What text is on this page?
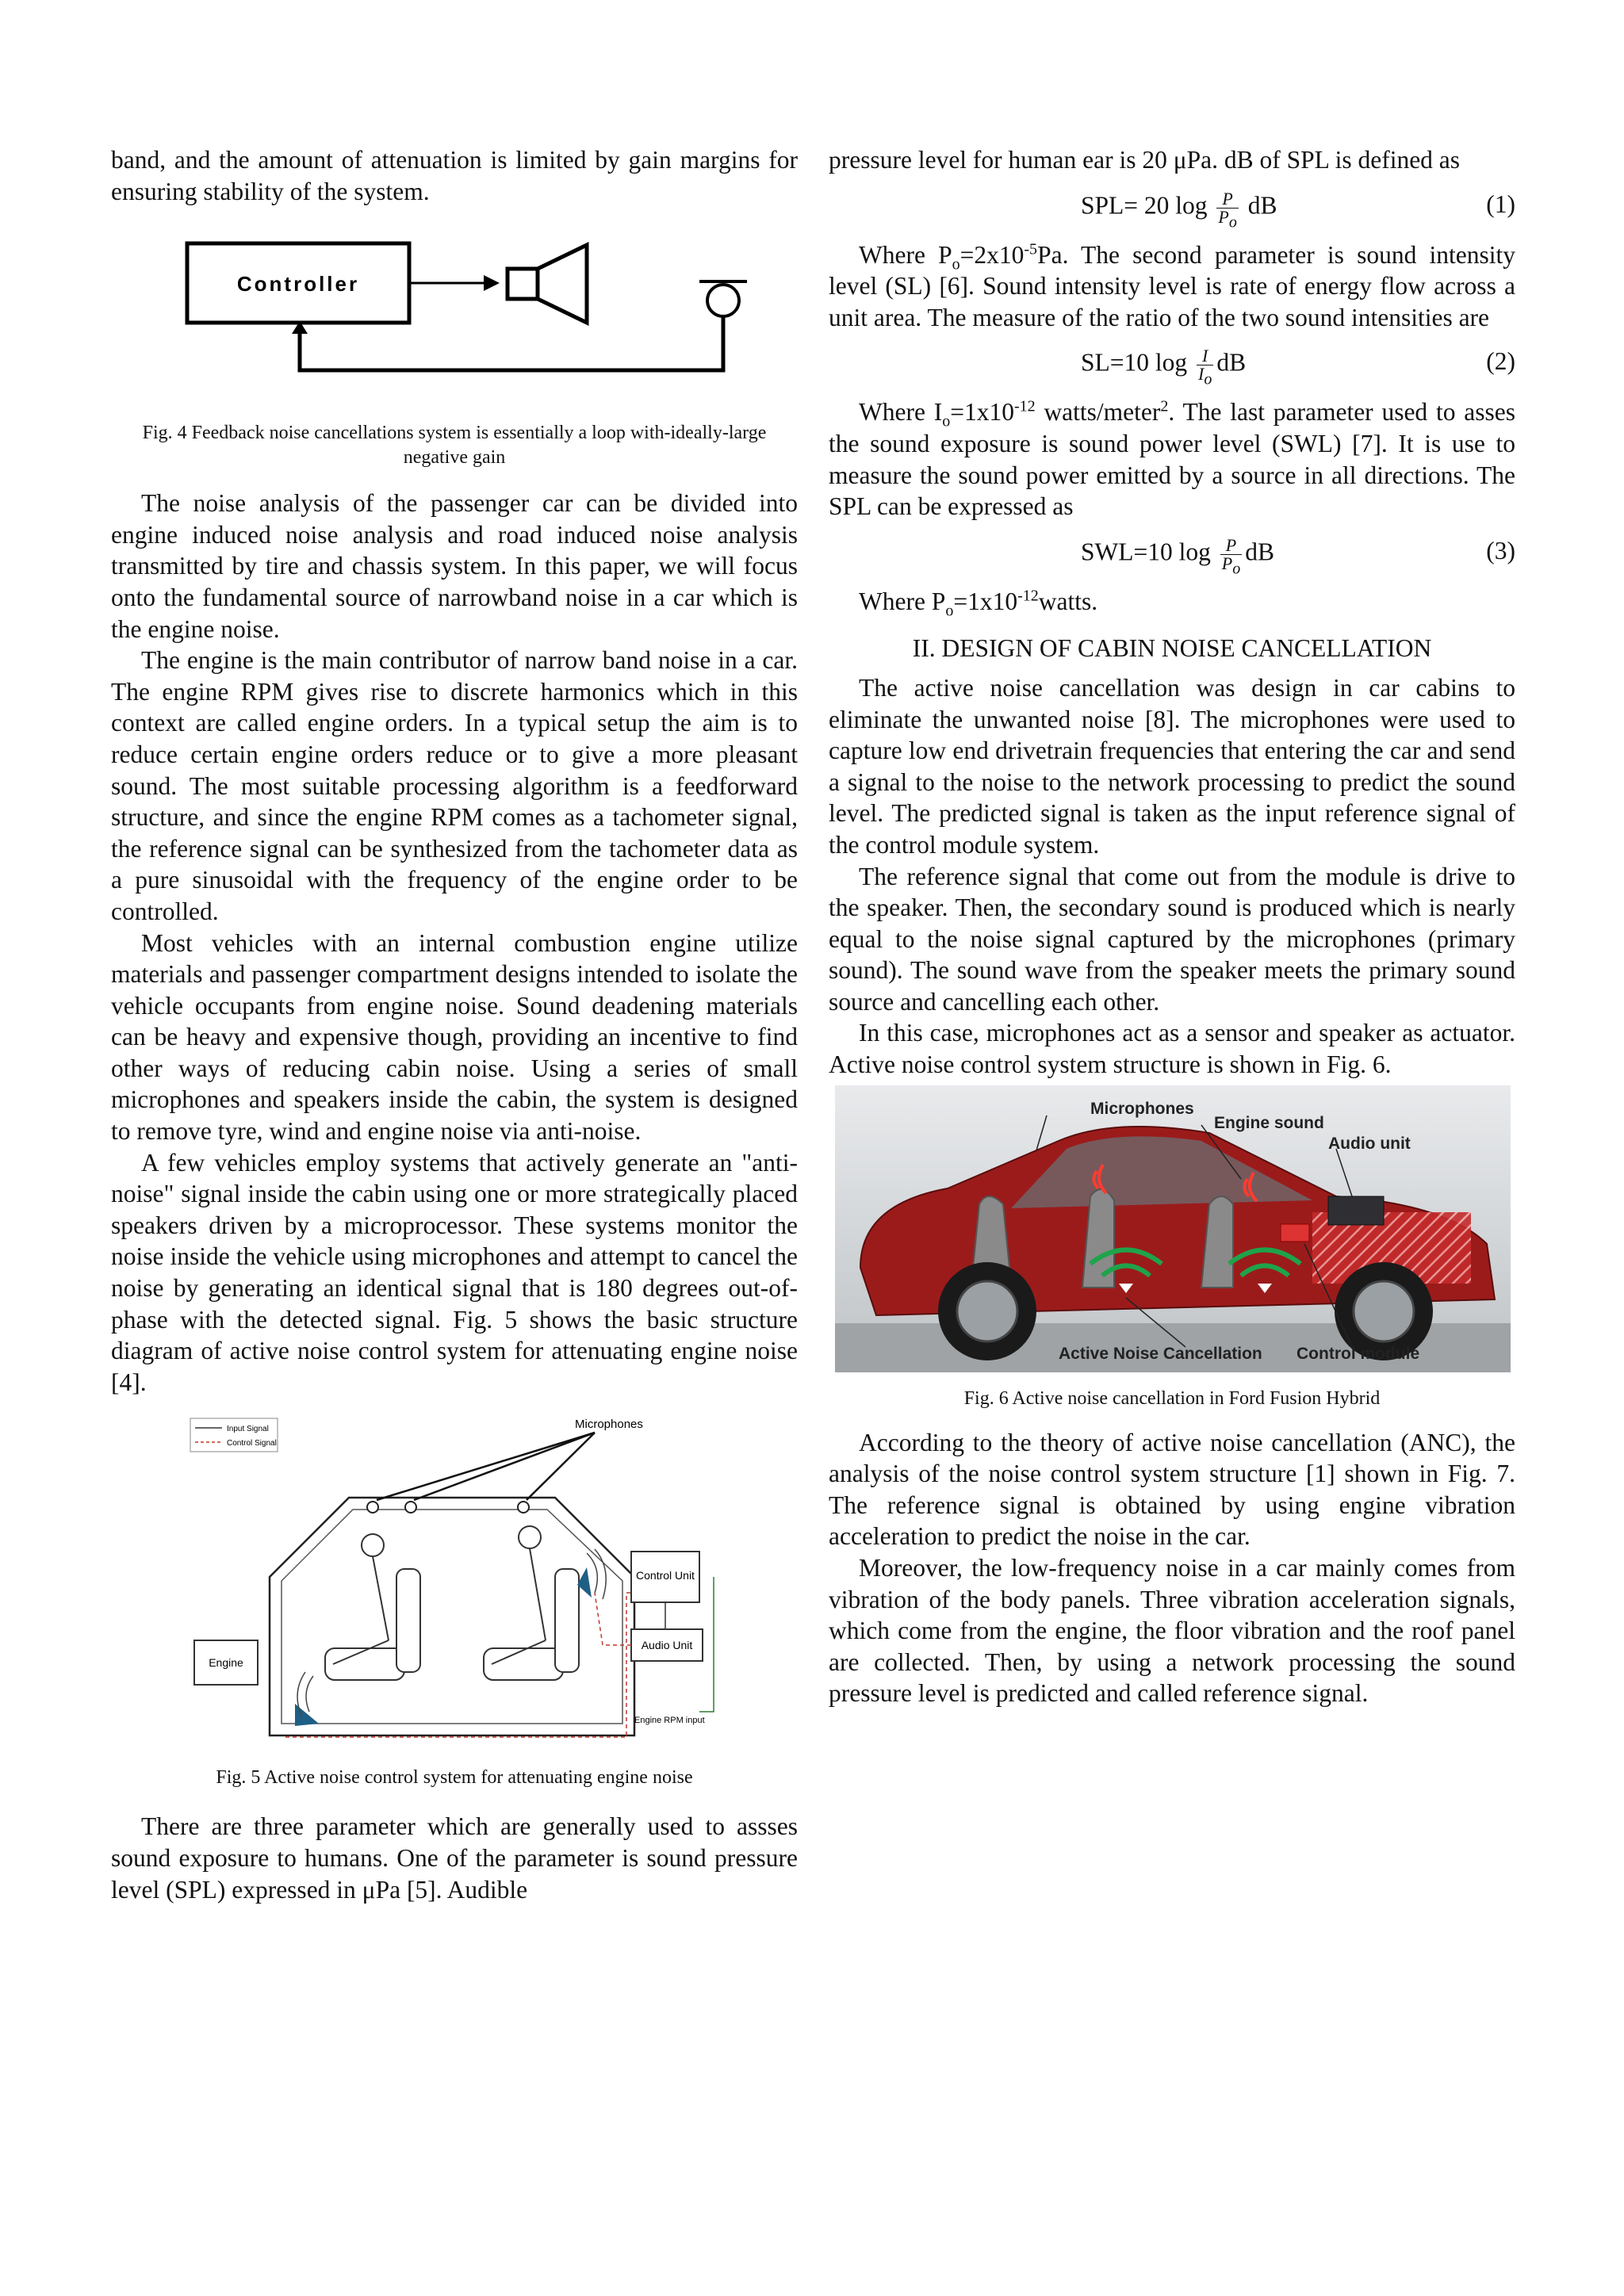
band, and the amount of attenuation is limited by gain margins for ensuring stability of the system.

Controller

Fig. 4 Feedback noise cancellations system is essentially a loop with-ideally-large negative gain

The noise analysis of the passenger car can be divided into engine induced noise analysis and road induced noise analysis transmitted by tire and chassis system. In this paper, we will focus onto the fundamental source of narrowband noise in a car which is the engine noise.

The engine is the main contributor of narrow band noise in a car. The engine RPM gives rise to discrete harmonics which in this context are called engine orders. In a typical setup the aim is to reduce certain engine orders reduce or to give a more pleasant sound. The most suitable processing algorithm is a feedforward structure, and since the engine RPM comes as a tachometer signal, the reference signal can be synthesized from the tachometer data as a pure sinusoidal with the frequency of the engine order to be controlled.

Most vehicles with an internal combustion engine utilize materials and passenger compartment designs intended to isolate the vehicle occupants from engine noise. Sound deadening materials can be heavy and expensive though, providing an incentive to find other ways of reducing cabin noise. Using a series of small microphones and speakers inside the cabin, the system is designed to remove tyre, wind and engine noise via anti-noise.

A few vehicles employ systems that actively generate an "anti-noise" signal inside the cabin using one or more strategically placed speakers driven by a microprocessor. These systems monitor the noise inside the vehicle using microphones and attempt to cancel the noise by generating an identical signal that is 180 degrees out-of-phase with the detected signal. Fig. 5 shows the basic structure diagram of active noise control system for attenuating engine noise [4].

Input Signal
Control Signal
Microphones
Engine
Control Unit
Audio Unit
Engine RPM input

Fig. 5 Active noise control system for attenuating engine noise

There are three parameter which are generally used to assses sound exposure to humans. One of the parameter is sound pressure level (SPL) expressed in μPa [5]. Audible

pressure level for human ear is 20 μPa. dB of SPL is defined as

SPL= 20 $\log \frac{P}{P_o}$ dB	(1)

Where $P_o=2x10^{-5}Pa$. The second parameter is sound intensity level (SL) [6]. Sound intensity level is rate of energy flow across a unit area. The measure of the ratio of the two sound intensities are

SL=10 $\log \frac{I}{I_o}$ dB	(2)

Where $I_o=1x10^{-12}$ watts/meter$^2$. The last parameter used to asses the sound exposure is sound power level (SWL) [7]. It is use to measure the sound power emitted by a source in all directions. The SPL can be expressed as

SWL=10 $\log \frac{P}{P_o}$ dB	(3)

Where $P_o=1x10^{-12}watts$.

II. DESIGN OF CABIN NOISE CANCELLATION

The active noise cancellation was design in car cabins to eliminate the unwanted noise [8]. The microphones were used to capture low end drivetrain frequencies that entering the car and send a signal to the noise to the network processing to predict the sound level. The predicted signal is taken as the input reference signal of the control module system.

The reference signal that come out from the module is drive to the speaker. Then, the secondary sound is produced which is nearly equal to the noise signal captured by the microphones (primary sound). The sound wave from the speaker meets the primary sound source and cancelling each other.

In this case, microphones act as a sensor and speaker as actuator. Active noise control system structure is shown in Fig. 6.

Microphones
Engine sound
Audio unit
Active Noise Cancellation Control module

Fig. 6 Active noise cancellation in Ford Fusion Hybrid

According to the theory of active noise cancellation (ANC), the analysis of the noise control system structure [1] shown in Fig. 7. The reference signal is obtained by using engine vibration acceleration to predict the noise in the car.

Moreover, the low-frequency noise in a car mainly comes from vibration of the body panels. Three vibration acceleration signals, which come from the engine, the floor vibration and the roof panel are collected. Then, by using a network processing the sound pressure level is predicted and called reference signal.
